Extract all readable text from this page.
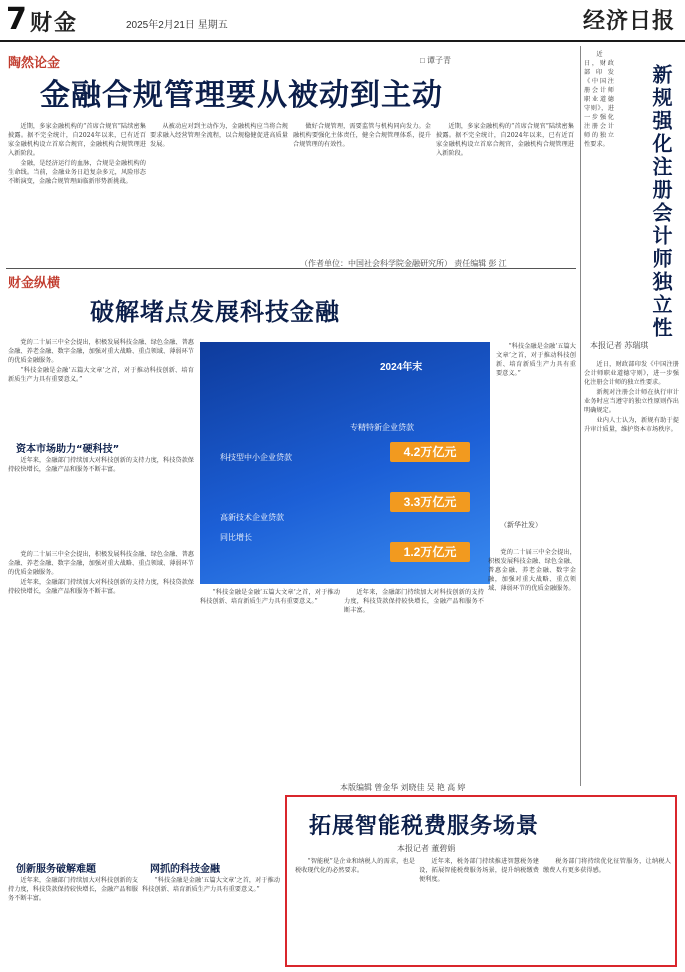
7 财金	2025年2月21日 星期五	经济日报
陶然论金	□ 谭子青
金融合规管理要从被动到主动

近期，多家金融机构的“首席合规官”陆续密集披露。据不完全统计，自2024年以来，已有近百家金融机构设立首席合规官，金融机构合规管理进入新阶段。

金融，是经济运行的血脉，合规是金融机构的生命线。当前，金融业务日趋复杂多元，风险形态不断演变，金融合规管理面临新形势新挑战。

从被动应对到主动作为，金融机构应当将合规要求融入经营管理全流程，以合规稳健促进高质量发展。

做好合规管理，需要监管与机构同向发力。金融机构要强化主体责任，健全合规管理体系，提升合规管理的有效性。

近期，多家金融机构的“首席合规官”陆续密集披露。据不完全统计，自2024年以来，已有近百家金融机构设立首席合规官，金融机构合规管理进入新阶段。

（作者单位：中国社会科学院金融研究所） 责任编辑 彭 江
财金纵横
破解堵点发展科技金融

党的二十届三中全会提出，积极发展科技金融、绿色金融、普惠金融、养老金融、数字金融，加强对重大战略、重点领域、薄弱环节的优质金融服务。

“科技金融是金融‘五篇大文章’之首，对于推动科技创新、培育新质生产力具有重要意义。”

资本市场助力“硬科技”

近年来，金融部门持续加大对科技创新的支持力度，科技贷款保持较快增长，金融产品和服务不断丰富。

2024年末
专精特新企业贷款
科技型中小企业贷款
高新技术企业贷款
同比增长
4.2万亿元
3.3万亿元
1.2万亿元
（新华社发）

“科技金融是金融‘五篇大文章’之首，对于推动科技创新、培育新质生产力具有重要意义。”

党的二十届三中全会提出，积极发展科技金融、绿色金融、普惠金融、养老金融、数字金融，加强对重大战略、重点领域、薄弱环节的优质金融服务。

近年来，金融部门持续加大对科技创新的支持力度，科技贷款保持较快增长，金融产品和服务不断丰富。	“科技金融是金融‘五篇大文章’之首，对于推动科技创新、培育新质生产力具有重要意义。”

近年来，金融部门持续加大对科技创新的支持力度，科技贷款保持较快增长，金融产品和服务不断丰富。

党的二十届三中全会提出，积极发展科技金融、绿色金融、普惠金融、养老金融、数字金融，加强对重大战略、重点领域、薄弱环节的优质金融服务。

创新服务破解难题

近年来，金融部门持续加大对科技创新的支持力度，科技贷款保持较快增长，金融产品和服务不断丰富。

网抓的科技金融

“科技金融是金融‘五篇大文章’之首，对于推动科技创新、培育新质生产力具有重要意义。”

新规强化注册会计师独立性
本报记者 苏瑞琪

近日，财政部印发《中国注册会计师职业道德守则》，进一步强化注册会计师的独立性要求。

近日，财政部印发《中国注册会计师职业道德守则》，进一步强化注册会计师的独立性要求。

新规对注册会计师在执行审计业务时应当遵守的独立性原则作出明确规定。

业内人士认为，新规有助于提升审计质量，维护资本市场秩序。

本版编辑 曾金华 刘晓佳 吴 艳 高 婷
拓展智能税费服务场景
本报记者 董碧娟

“智能税”是企业和纳税人的需求，也是税收现代化的必然要求。

近年来，税务部门持续推进智慧税务建设，拓展智能税费服务场景，提升纳税缴费便利度。

税务部门将持续优化征管服务，让纳税人缴费人有更多获得感。
